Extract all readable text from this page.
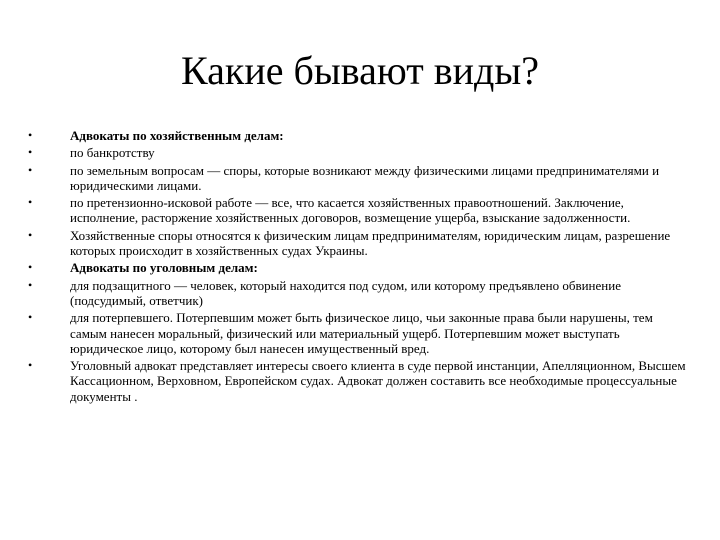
Какие бывают виды?
•	Адвокаты по хозяйственным делам:
•	по банкротству
•	по земельным вопросам — споры, которые возникают между физическими лицами предпринимателями и юридическими лицами.
•	по претензионно-исковой работе — все, что касается хозяйственных правоотношений. Заключение, исполнение, расторжение хозяйственных договоров, возмещение ущерба, взыскание задолженности.
•	Хозяйственные споры относятся к физическим лицам предпринимателям, юридическим лицам, разрешение которых происходит в хозяйственных судах Украины.
•	Адвокаты по уголовным делам:
•	для подзащитного — человек, который находится под судом, или которому предъявлено обвинение (подсудимый, ответчик)
•	для потерпевшего. Потерпевшим может быть физическое лицо, чьи законные права были нарушены, тем самым нанесен моральный, физический или материальный ущерб. Потерпевшим может выступать юридическое лицо, которому был нанесен имущественный вред.
•	Уголовный адвокат представляет интересы своего клиента в суде первой инстанции, Апелляционном, Высшем Кассационном, Верховном, Европейском судах. Адвокат должен составить все необходимые процессуальные документы .
